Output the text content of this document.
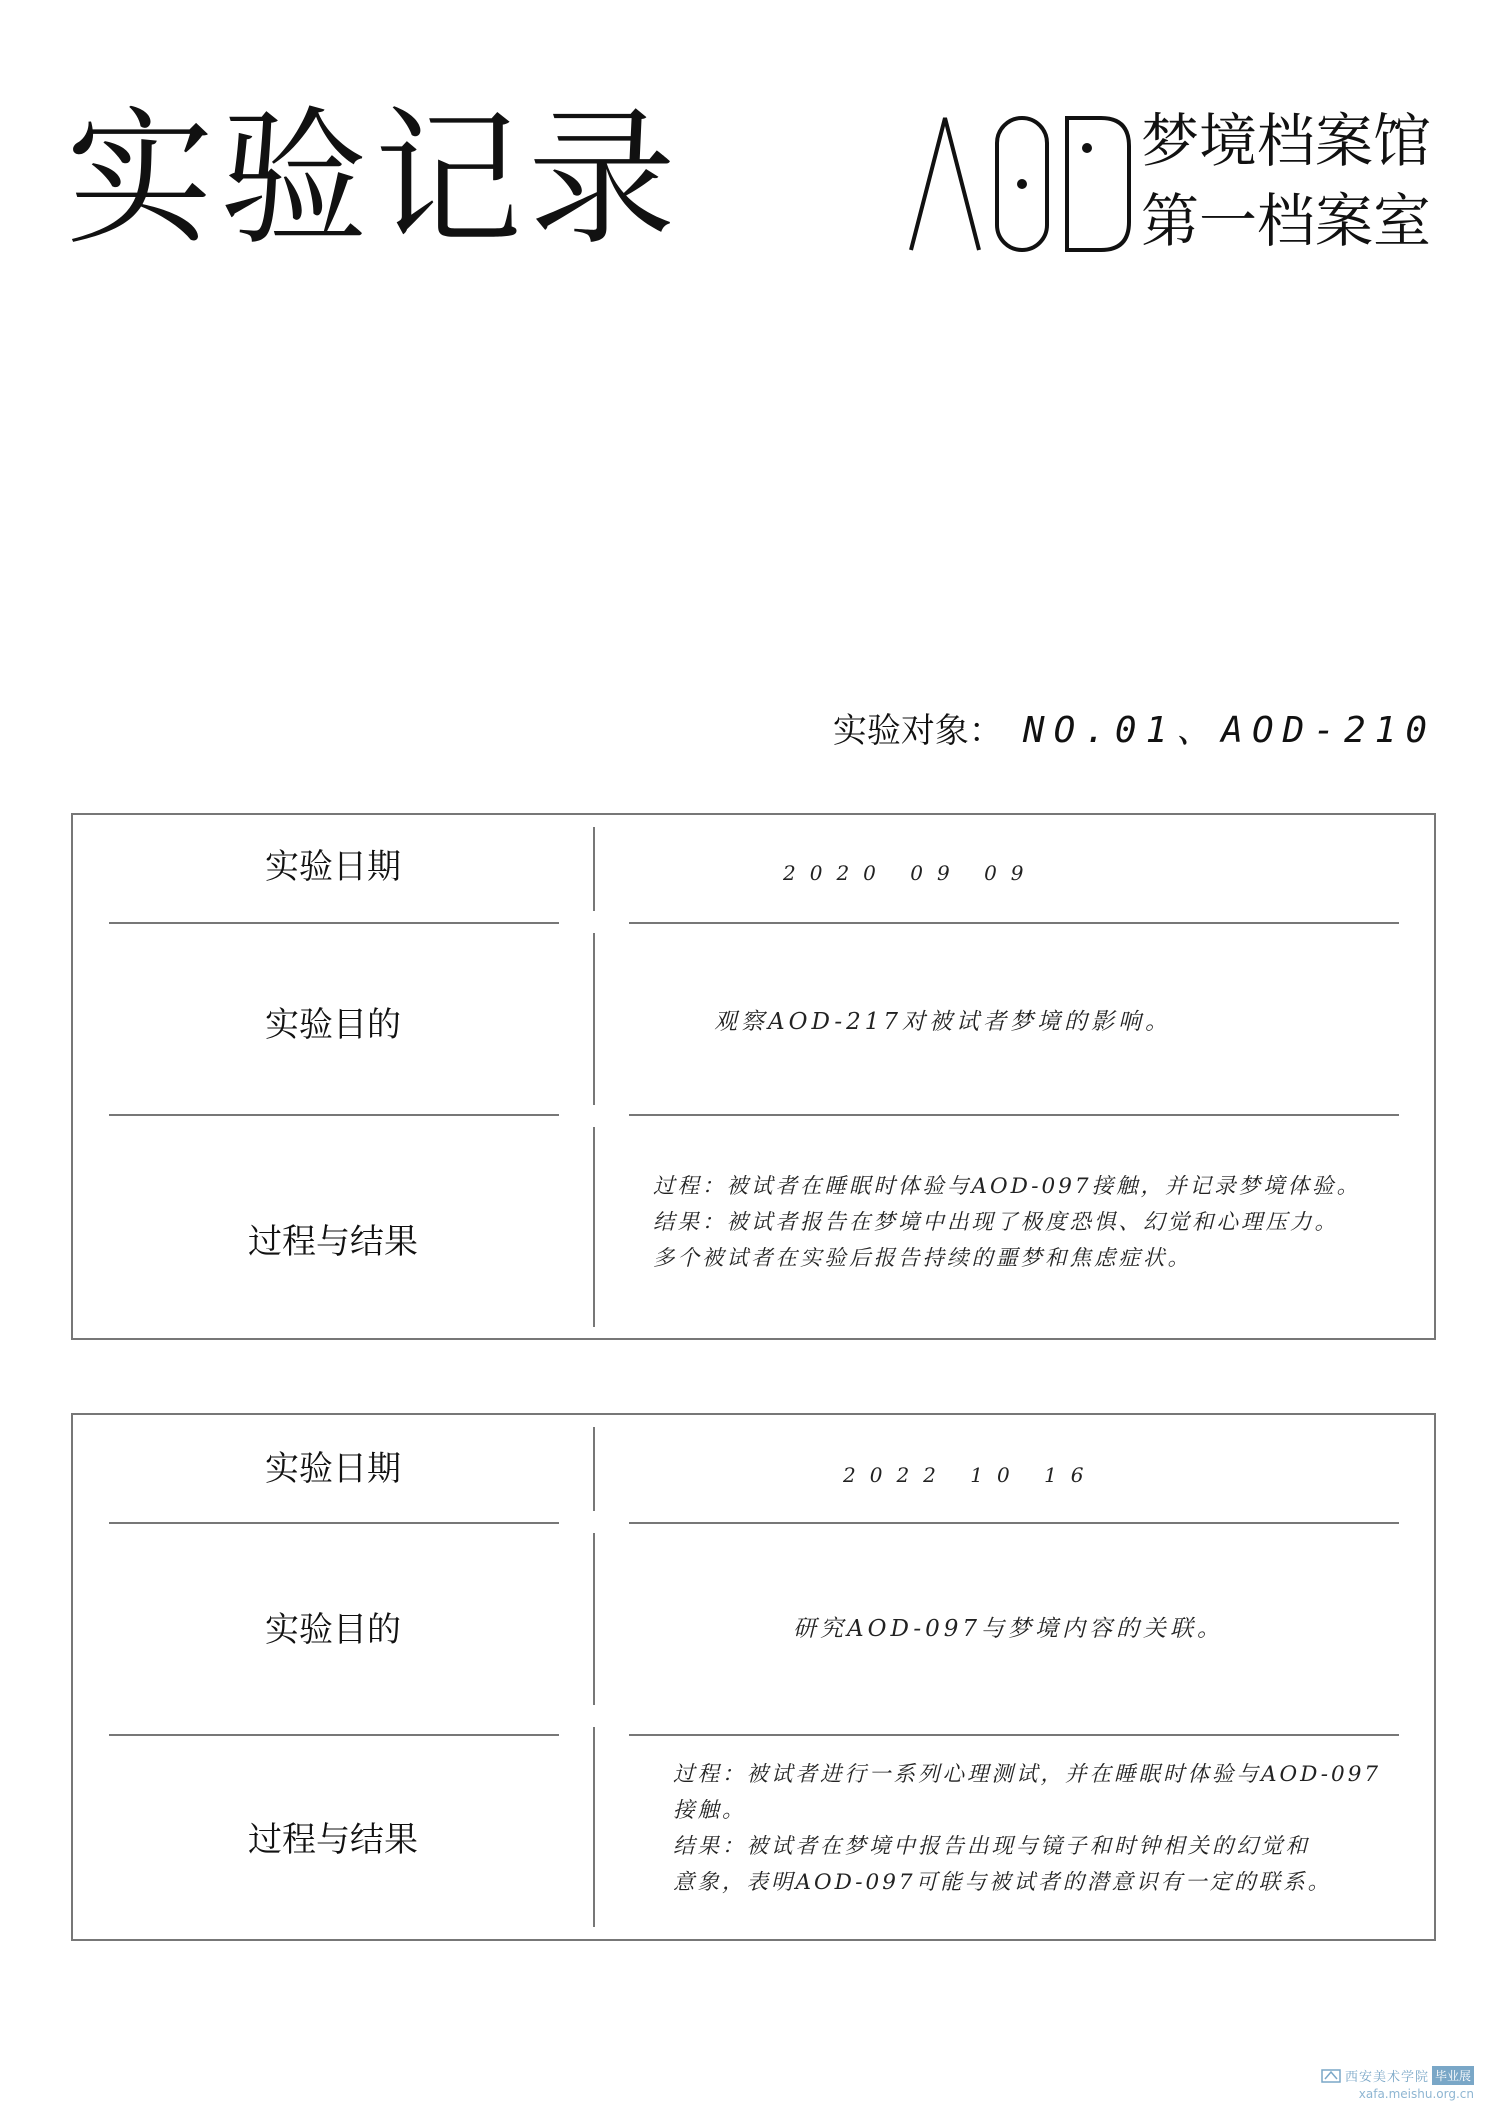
实验记录	梦境档案馆
第一档案室
实验对象： NO.01、AOD-210
实验日期	2020 09 09
实验目的	观察AOD-217对被试者梦境的影响。
过程与结果
过程：被试者在睡眠时体验与AOD-097接触，并记录梦境体验。
结果：被试者报告在梦境中出现了极度恐惧、幻觉和心理压力。
多个被试者在实验后报告持续的噩梦和焦虑症状。
实验日期	2022 10 16
实验目的	研究AOD-097与梦境内容的关联。
过程与结果
过程：被试者进行一系列心理测试，并在睡眠时体验与AOD-097
接触。
结果：被试者在梦境中报告出现与镜子和时钟相关的幻觉和
意象，表明AOD-097可能与被试者的潜意识有一定的联系。
西安美术学院 毕业展
xafa.meishu.org.cn
